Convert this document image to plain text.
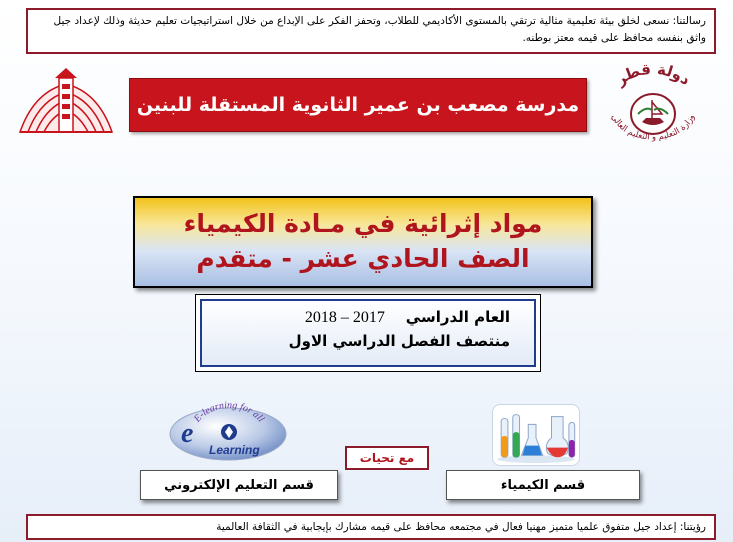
رسالتنا: نسعى لخلق بيئة تعليمية مثالية ترتقي بالمستوى الأكاديمي للطلاب، وتحفز الفكر على الإبداع من خلال استراتيجيات تعليم حديثة وذلك لإعداد جيل واثق بنفسه محافظ على قيمه معتز بوطنه.
مدرسة مصعب بن عمير الثانوية المستقلة للبنين
دولة قطر
وزارة التعليم و التعليم العالي
مواد إثرائية في مـادة الكيمياء
الصف الحادي عشر - متقدم
العام الدراسي    2018 – 2017
منتصف الفصل الدراسي الاول
E-learning for all
e
Learning
مع تحيات
قسم التعليم الإلكتروني	قسم الكيمياء
رؤيتنا: إعداد جيل متفوق علميا متميز مهنيا فعال في مجتمعه محافظ على قيمه مشارك بإيجابية في الثقافة العالمية
